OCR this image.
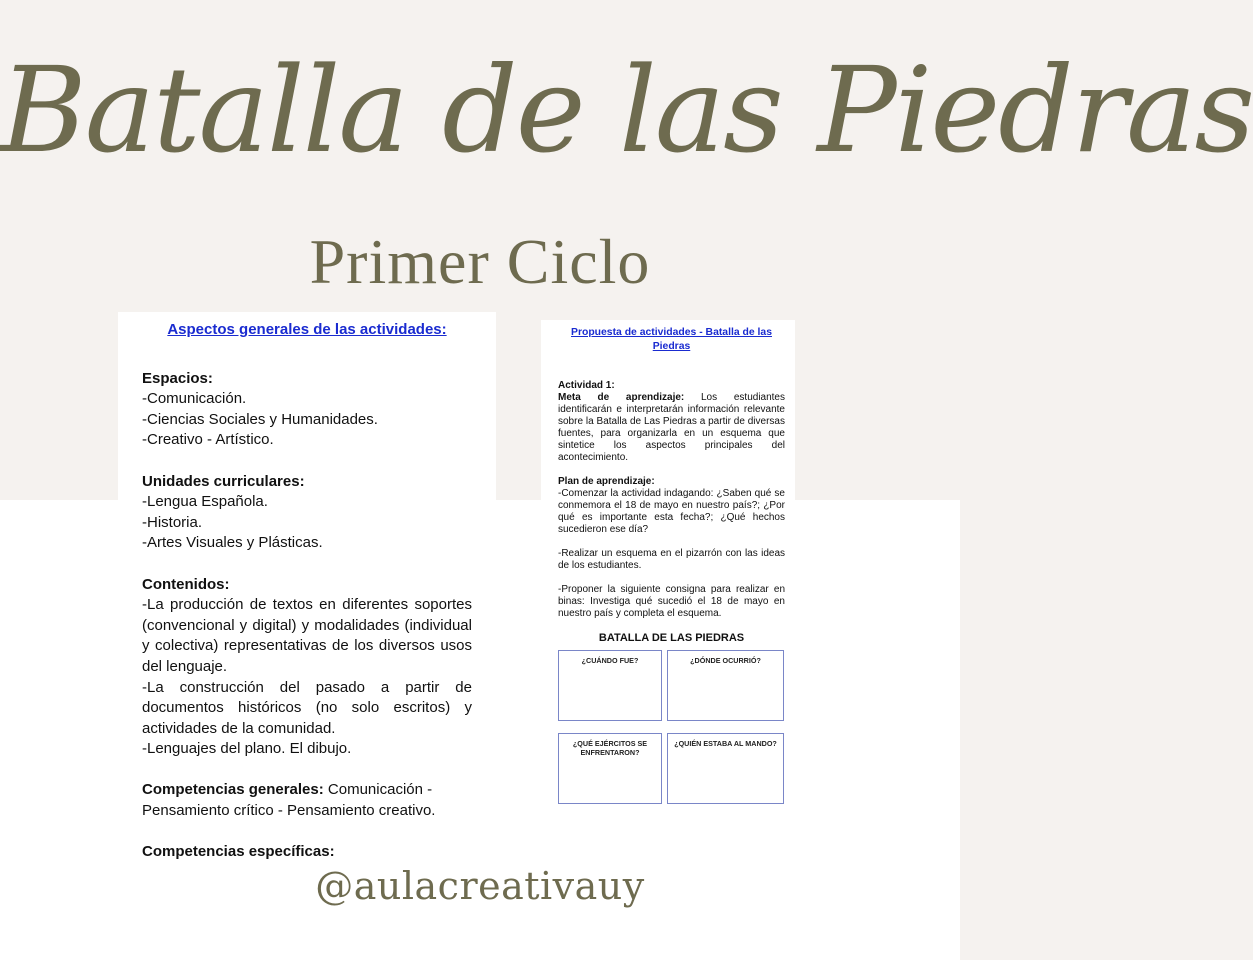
Batalla de las Piedras
Primer Ciclo
Aspectos generales de las actividades:
Espacios:
-Comunicación.
-Ciencias Sociales y Humanidades.
-Creativo - Artístico.
Unidades curriculares:
-Lengua Española.
-Historia.
-Artes Visuales y Plásticas.
Contenidos:
-La producción de textos en diferentes soportes (convencional y digital) y modalidades (individual y colectiva) representativas de los diversos usos del lenguaje.
-La construcción del pasado a partir de documentos históricos (no solo escritos) y actividades de la comunidad.
-Lenguajes del plano. El dibujo.
Competencias generales: Comunicación - Pensamiento crítico - Pensamiento creativo.
Competencias específicas:
Propuesta de actividades - Batalla de las Piedras
Actividad 1:
Meta de aprendizaje: Los estudiantes identificarán e interpretarán información relevante sobre la Batalla de Las Piedras a partir de diversas fuentes, para organizarla en un esquema que sintetice los aspectos principales del acontecimiento.
Plan de aprendizaje:
-Comenzar la actividad indagando: ¿Saben qué se conmemora el 18 de mayo en nuestro país?; ¿Por qué es importante esta fecha?; ¿Qué hechos sucedieron ese día?
-Realizar un esquema en el pizarrón con las ideas de los estudiantes.
-Proponer la siguiente consigna para realizar en binas: Investiga qué sucedió el 18 de mayo en nuestro país y completa el esquema.
BATALLA DE LAS PIEDRAS
¿CUÁNDO FUE?	¿DÓNDE OCURRIÓ?
¿QUÉ EJÉRCITOS SE ENFRENTARON?
¿QUIÉN ESTABA AL MANDO?
@aulacreativauy
